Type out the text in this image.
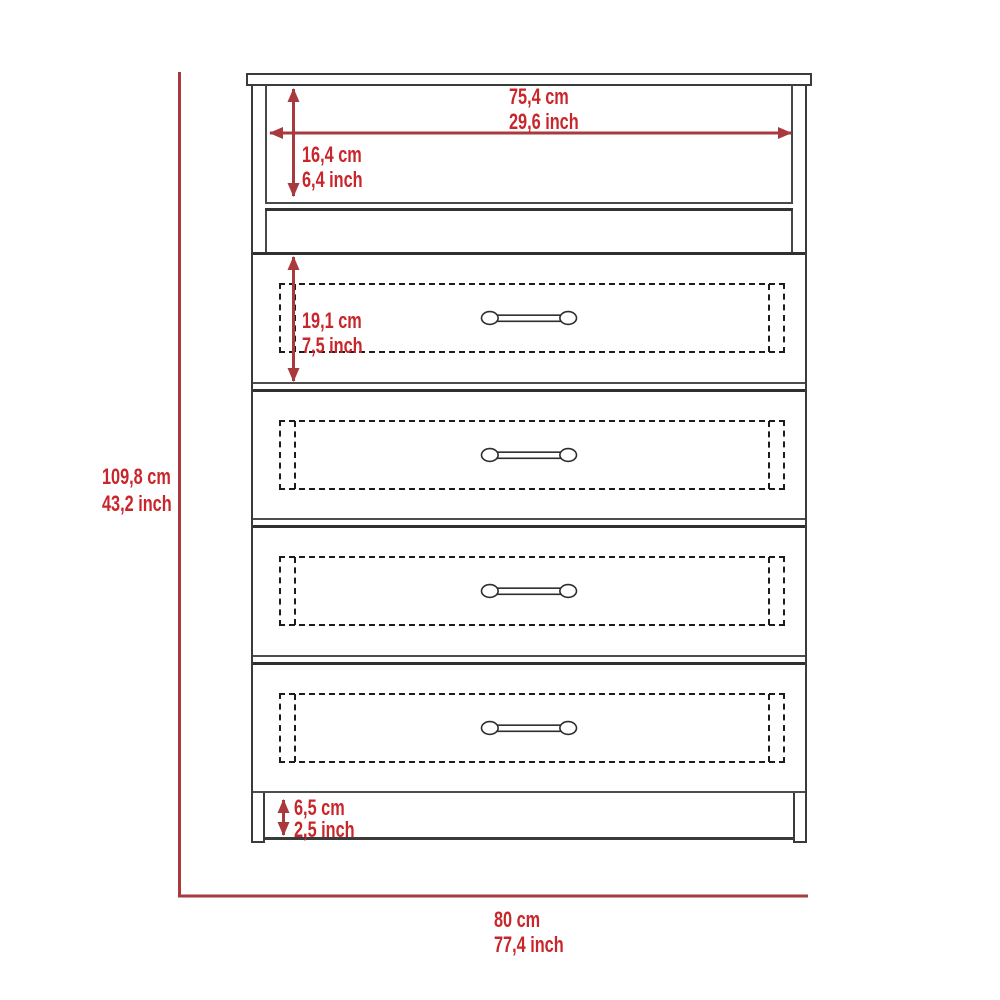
75,4 cm
29,6 inch
16,4 cm
6,4 inch
19,1 cm
7,5 inch
6,5 cm
2,5 inch
109,8 cm
43,2 inch
80 cm
77,4 inch
